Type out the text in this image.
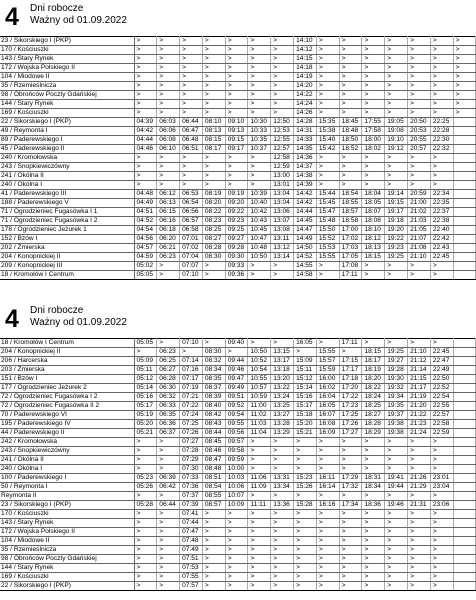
4 Dni robocze
Ważny od 01.09.2022
23 / Sikorskiego I (PKP)	>	>	>	>	>	>	>	14:10	>	>	>	>	>	>	>
170 / Kościuszki	>	>	>	>	>	>	>	14:12	>	>	>	>	>	>	>
143 / Stary Rynek	>	>	>	>	>	>	>	14:15	>	>	>	>	>	>	>
172 / Wojska Polskiego II	>	>	>	>	>	>	>	14:18	>	>	>	>	>	>	>
104 / Miodowe II	>	>	>	>	>	>	>	14:19	>	>	>	>	>	>	>
35 / Rzemieślnicza	>	>	>	>	>	>	>	14:20	>	>	>	>	>	>	>
98 / Obrońców Poczty Gdańskiej	>	>	>	>	>	>	>	14:22	>	>	>	>	>	>	>
144 / Stary Rynek	>	>	>	>	>	>	>	14:24	>	>	>	>	>	>	>
169 / Kościuszki	>	>	>	>	>	>	>	14:26	>	>	>	>	>	>	>
22 / Sikorskiego I (PKP)	04:39	06:03	06:44	08:10	09:10	10:30	12:50	14:28	15:35	18:45	17:55	19:05	20:50	22:25	
49 / Reymonta I	04:42	06:06	06:47	08:13	09:13	10:33	12:53	14:31	15:38	18:48	17:58	19:08	20:53	22:28	
89 / Paderewskiego I	04:44	06:08	06:48	08:15	09:15	10:35	12:55	14:33	15:40	18:50	18:00	19:10	20:55	22:30	
45 / Paderewskiego II	04:46	06:10	06:51	08:17	09:17	10:37	12:57	14:35	15:42	18:52	18:02	19:12	20:57	22:32	
240 / Kromołowska	>	>	>	>	>	>	12:58	14:36	>	>	>	>	>	>	
243 / Snopkiewiczówny	>	>	>	>	>	>	12:59	14:37	>	>	>	>	>	>	
241 / Okólna II	>	>	>	>	>	>	13:00	14:38	>	>	>	>	>	>	
240 / Okólna I	>	>	>	>	>	>	13:01	14:39	>	>	>	>	>	>	
41 / Paderewskiego III	04:48	06:12	06:53	08:19	09:19	10:39	13:04	14:42	15:44	18:54	18:04	19:14	20:59	22:34	
188 / Paderewskiego V	04:49	06:13	06:54	08:20	09:20	10:40	13:04	14:42	15:45	18:55	18:05	19:15	21:00	22:35	
71 / Ogrodzieniec Fugasówka I 1	04:51	06:15	06:56	08:22	09:22	10:42	13:06	14:44	15:47	18:57	18:07	19:17	21:02	22:37	
71 / Ogrodzieniec Fugasówka I 2	04:52	06:16	06:57	08:23	09:23	10:43	13:07	14:45	15:48	18:58	18:08	19:18	21:03	22:38	
178 / Ogrodzieniec Jeżurek 1	04:54	06:18	06:58	08:25	09:25	10:45	13:08	14:47	15:50	17:00	18:10	19:20	21:05	22:40	
152 / Bzów I	04:56	06:20	07:01	08:27	09:27	10:47	13:11	14:49	15:52	17:02	18:12	19:22	21:07	22:42	
202 / Żmierska	04:57	06:21	07:02	08:28	09:28	10:48	13:12	14:50	15:53	17:03	18:13	19:23	21:08	22:43	
204 / Konopnickiej II	04:59	06:23	07:04	08:30	09:30	10:50	13:14	14:52	15:55	17:05	18:15	19:25	21:10	22:45	
209 / Konopnickiej III	05:02	>	07:07	>	09:33	>	>	14:55	>	17:08	>	>	>	>	
18 / Kromołów I Centrum	05:05	>	07:10	>	09:36	>	>	14:58	>	17:11	>	>	>	>	
4 Dni robocze
Ważny od 01.09.2022
18 / Kromołów I Centrum	05:05	>	07:10	>	09:40	>	>	16:05	>	17:11	>	>	>	>	
204 / Konopnickiej II	>	06:23	>	08:30	>	10:50	13:15	>	15:55	>	18:15	19:25	21:10	22:45	
206 / Harcerska	05:09	06:25	07:14	08:32	09:44	10:52	13:17	15:09	15:57	17:15	18:17	19:27	21:12	22:47	
203 / Żmierska	05:11	06:27	07:16	08:34	09:46	10:54	13:18	15:11	15:59	17:17	18:19	19:28	21:14	22:49	
151 / Bzów I	05:12	06:28	07:17	08:35	09:47	10:55	13:20	15:12	16:00	17:18	18:20	19:30	21:15	22:50	
177 / Ogrodzieniec Jeżurek 2	05:14	06:30	07:19	08:37	09:49	10:57	13:22	15:14	16:02	17:20	18:22	19:32	21:17	22:52	
72 / Ogrodzieniec Fugasówka I 2	05:16	06:32	07:21	08:39	09:51	10:59	13:24	15:16	16:04	17:22	18:24	19:34	21:19	22:54	
72 / Ogrodzieniec Fugasówka II 2	05:17	06:33	07:22	08:40	09:52	11:00	13:25	15:17	16:05	17:23	18:25	19:35	21:20	22:55	
70 / Paderewskiego VI	05:19	06:35	07:24	08:42	09:54	11:02	13:27	15:18	16:07	17:25	18:27	19:37	21:22	22:57	
195 / Paderewskiego IV	05:20	06:36	07:25	08:43	09:55	11:03	13:28	15:20	16:08	17:26	18:28	19:38	21:23	22:58	
44 / Paderewskiego II	05:21	06:37	07:26	08:44	09:56	11:04	13:29	15:21	16:09	17:27	18:29	19:38	21:24	22:59	
242 / Kromołowska	>	>	07:27	08:45	09:57	>	>	>	>	>	>	>	>	>	
243 / Snopkiewiczówny	>	>	07:28	08:46	09:58	>	>	>	>	>	>	>	>	>	
241 / Okólna II	>	>	07:29	08:47	09:59	>	>	>	>	>	>	>	>	>	
240 / Okólna I	>	>	07:30	08:48	10:00	>	>	>	>	>	>	>	>	>	
100 / Paderewskiego I	05:23	06:39	07:33	08:51	10:03	11:06	13:31	15:23	16:11	17:29	18:31	19:41	21:26	23:01	
50 / Reymonta I	05:26	06:42	07:36	08:54	10:06	11:09	13:34	15:26	16:14	17:32	18:34	19:44	21:29	23:04	
Reymonta II	>	>	07:37	08:55	10:07	>	>	>	>	>	>	>	>	>	
23 / Sikorskiego I (PKP)	05:28	06:44	07:39	08:57	10:09	11:11	13:36	15:28	16:16	17:34	18:36	19:46	21:31	23:06	
170 / Kościuszki	>	>	07:41	>	>	>	>	>	>	>	>	>	>	>	
143 / Stary Rynek	>	>	07:44	>	>	>	>	>	>	>	>	>	>	>	
172 / Wojska Polskiego II	>	>	07:47	>	>	>	>	>	>	>	>	>	>	>	
104 / Miodowe II	>	>	07:48	>	>	>	>	>	>	>	>	>	>	>	
35 / Rzemieślnicza	>	>	07:49	>	>	>	>	>	>	>	>	>	>	>	
98 / Obrońców Poczty Gdańskiej	>	>	07:51	>	>	>	>	>	>	>	>	>	>	>	
144 / Stary Rynek	>	>	07:53	>	>	>	>	>	>	>	>	>	>	>	
169 / Kościuszki	>	>	07:55	>	>	>	>	>	>	>	>	>	>	>	
22 / Sikorskiego I (PKP)	>	>	07:57	>	>	>	>	>	>	>	>	>	>	>	
